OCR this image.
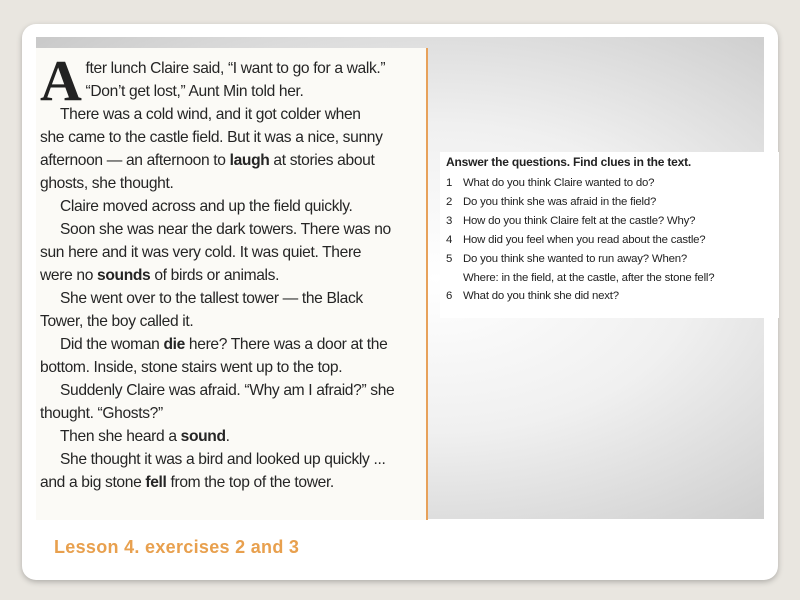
A fter lunch Claire said, “I want to go for a walk.”

“Don’t get lost,” Aunt Min told her.

There was a cold wind, and it got colder when

she came to the castle field. But it was a nice, sunny

afternoon — an afternoon to laugh at stories about

ghosts, she thought.

Claire moved across and up the field quickly.

Soon she was near the dark towers. There was no

sun here and it was very cold. It was quiet. There

were no sounds of birds or animals.

She went over to the tallest tower — the Black

Tower, the boy called it.

Did the woman die here? There was a door at the

bottom. Inside, stone stairs went up to the top.

Suddenly Claire was afraid. “Why am I afraid?” she

thought. “Ghosts?”

Then she heard a sound.

She thought it was a bird and looked up quickly ...

and a big stone fell from the top of the tower.

Answer the questions. Find clues in the text.
1 What do you think Claire wanted to do?
2 Do you think she was afraid in the field?
3 How do you think Claire felt at the castle? Why?
4 How did you feel when you read about the castle?
5 Do you think she wanted to run away? When?
Where: in the field, at the castle, after the stone fell?
6 What do you think she did next?
Lesson 4. exercises 2 and 3
